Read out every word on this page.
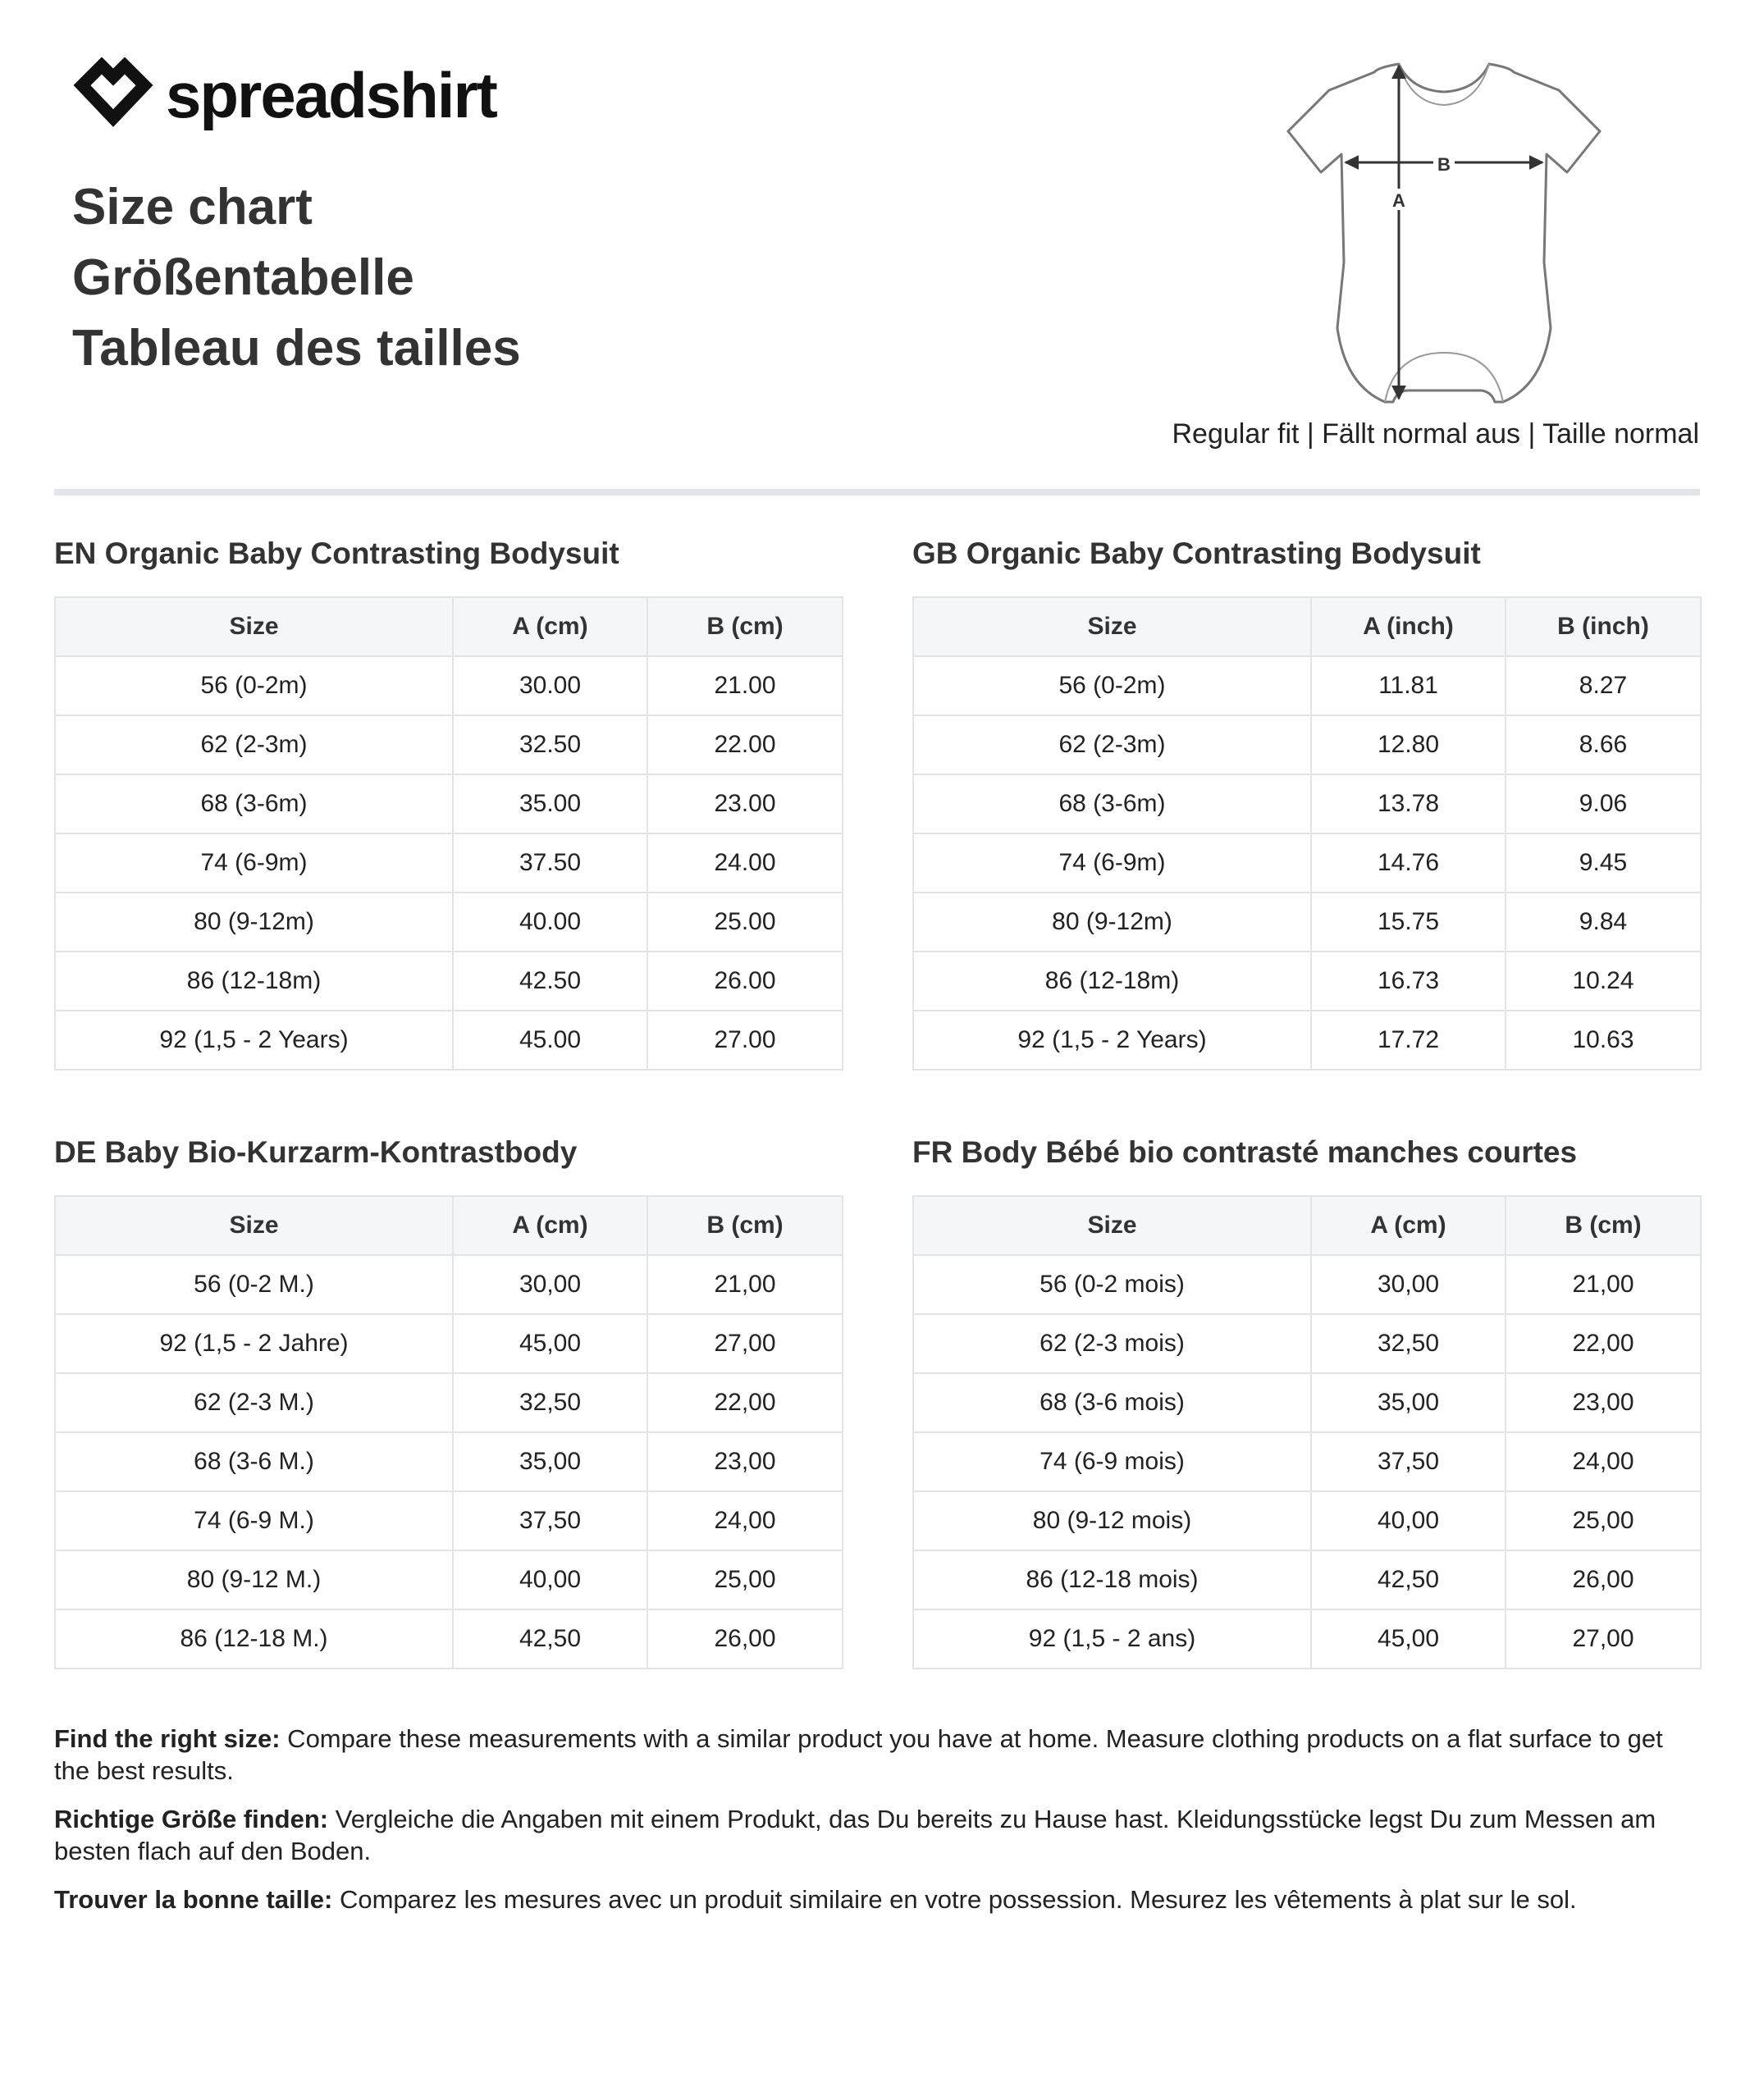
spreadshirt
Size chart
Größentabelle
Tableau des tailles
B
A
Regular fit | Fällt normal aus | Taille normal
EN Organic Baby Contrasting Bodysuit
Size	A (cm)	B (cm)
56 (0-2m)	30.00	21.00
62 (2-3m)	32.50	22.00
68 (3-6m)	35.00	23.00
74 (6-9m)	37.50	24.00
80 (9-12m)	40.00	25.00
86 (12-18m)	42.50	26.00
92 (1,5 - 2 Years)	45.00	27.00
GB Organic Baby Contrasting Bodysuit
Size	A (inch)	B (inch)
56 (0-2m)	11.81	8.27
62 (2-3m)	12.80	8.66
68 (3-6m)	13.78	9.06
74 (6-9m)	14.76	9.45
80 (9-12m)	15.75	9.84
86 (12-18m)	16.73	10.24
92 (1,5 - 2 Years)	17.72	10.63
DE Baby Bio-Kurzarm-Kontrastbody
Size	A (cm)	B (cm)
56 (0-2 M.)	30,00	21,00
92 (1,5 - 2 Jahre)	45,00	27,00
62 (2-3 M.)	32,50	22,00
68 (3-6 M.)	35,00	23,00
74 (6-9 M.)	37,50	24,00
80 (9-12 M.)	40,00	25,00
86 (12-18 M.)	42,50	26,00
FR Body Bébé bio contrasté manches courtes
Size	A (cm)	B (cm)
56 (0-2 mois)	30,00	21,00
62 (2-3 mois)	32,50	22,00
68 (3-6 mois)	35,00	23,00
74 (6-9 mois)	37,50	24,00
80 (9-12 mois)	40,00	25,00
86 (12-18 mois)	42,50	26,00
92 (1,5 - 2 ans)	45,00	27,00

Find the right size: Compare these measurements with a similar product you have at home. Measure clothing products on a flat surface to get the best results.

Richtige Größe finden: Vergleiche die Angaben mit einem Produkt, das Du bereits zu Hause hast. Kleidungsstücke legst Du zum Messen am besten flach auf den Boden.

Trouver la bonne taille: Comparez les mesures avec un produit similaire en votre possession. Mesurez les vêtements à plat sur le sol.
